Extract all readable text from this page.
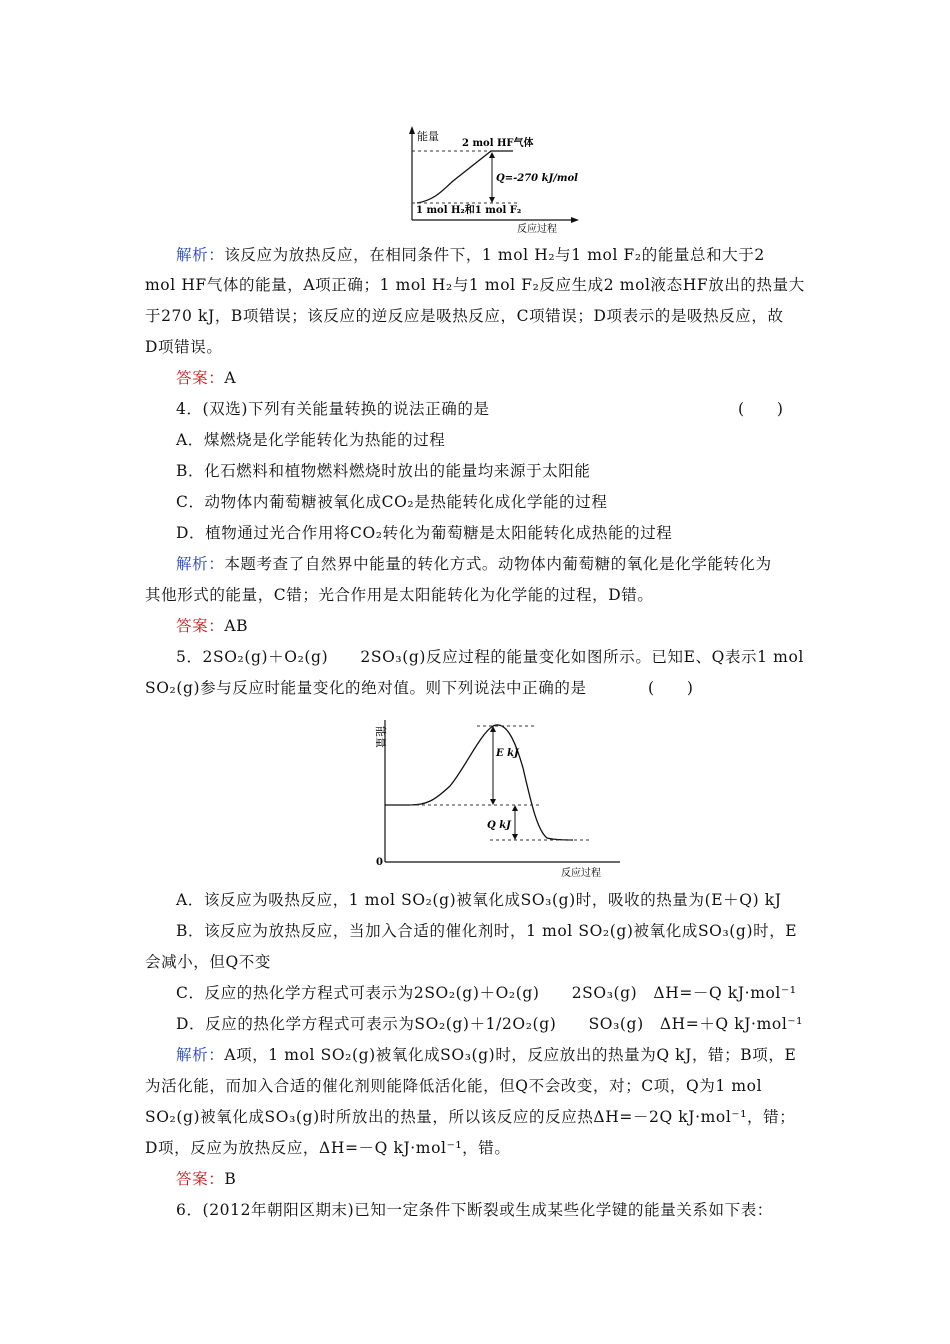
能量
2 mol HF气体
Q=-270 kJ/mol
1 mol H₂和1 mol F₂
反应过程
解析：该反应为放热反应，在相同条件下，1 mol H₂与1 mol F₂的能量总和大于2
mol HF气体的能量，A项正确；1 mol H₂与1 mol F₂反应生成2 mol液态HF放出的热量大
于270 kJ，B项错误；该反应的逆反应是吸热反应，C项错误；D项表示的是吸热反应，故
D项错误。
答案：A
4．(双选)下列有关能量转换的说法正确的是	(　　)
A．煤燃烧是化学能转化为热能的过程
B．化石燃料和植物燃料燃烧时放出的能量均来源于太阳能
C．动物体内葡萄糖被氧化成CO₂是热能转化成化学能的过程
D．植物通过光合作用将CO₂转化为葡萄糖是太阳能转化成热能的过程
解析：本题考查了自然界中能量的转化方式。动物体内葡萄糖的氧化是化学能转化为
其他形式的能量，C错；光合作用是太阳能转化为化学能的过程，D错。
答案：AB
5．2SO₂(g)＋O₂(g)　　2SO₃(g)反应过程的能量变化如图所示。已知E、Q表示1 mol
SO₂(g)参与反应时能量变化的绝对值。则下列说法中正确的是	(　　)
能量
E kJ
Q kJ
0
反应过程
A．该反应为吸热反应，1 mol SO₂(g)被氧化成SO₃(g)时，吸收的热量为(E＋Q) kJ
B．该反应为放热反应，当加入合适的催化剂时，1 mol SO₂(g)被氧化成SO₃(g)时，E
会减小，但Q不变
C．反应的热化学方程式可表示为2SO₂(g)＋O₂(g)　　2SO₃(g)　ΔH=－Q kJ·mol⁻¹
D．反应的热化学方程式可表示为SO₂(g)＋1/2O₂(g)　　SO₃(g)　ΔH=＋Q kJ·mol⁻¹
解析：A项，1 mol SO₂(g)被氧化成SO₃(g)时，反应放出的热量为Q kJ，错；B项，E
为活化能，而加入合适的催化剂则能降低活化能，但Q不会改变，对；C项，Q为1 mol
SO₂(g)被氧化成SO₃(g)时所放出的热量，所以该反应的反应热ΔH=－2Q kJ·mol⁻¹，错；
D项，反应为放热反应，ΔH=－Q kJ·mol⁻¹，错。
答案：B
6．(2012年朝阳区期末)已知一定条件下断裂或生成某些化学键的能量关系如下表：
